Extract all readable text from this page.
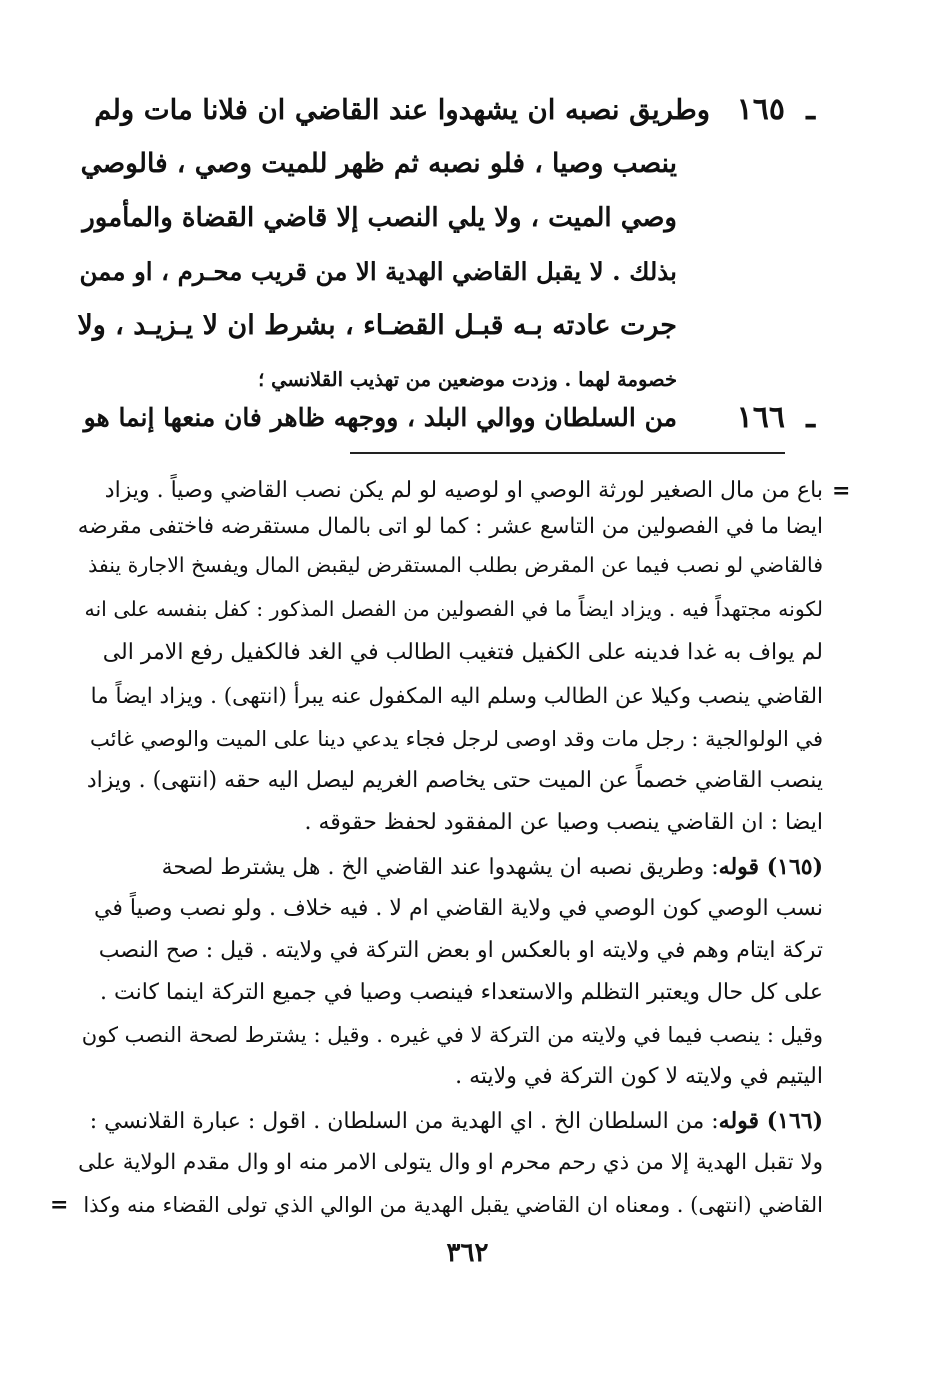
١٦٥ ـ
وطريق نصبه ان يشهدوا عند القاضي ان فلانا مات ولم
ينصب وصيا ، فلو نصبه ثم ظهر للميت وصي ، فالوصي
وصي الميت ، ولا يلي النصب إلا قاضي القضاة والمأمور
بذلك . لا يقبل القاضي الهدية الا من قريب محـرم ، او ممن
جرت عادته بـه قبـل القضـاء ، بشرط ان لا يـزيـد ، ولا
خصومة لهما . وزدت موضعين من تهذيب القلانسي ؛
١٦٦ ـ
من السلطان ووالي البلد ، ووجهه ظاهر فان منعها إنما هو
=
باع من مال الصغير لورثة الوصي او لوصيه لو لم يكن نصب القاضي وصياً . ويزاد
ايضا ما في الفصولين من التاسع عشر : كما لو اتى بالمال مستقرضه فاختفى مقرضه
فالقاضي لو نصب فيما عن المقرض بطلب المستقرض ليقبض المال ويفسخ الاجارة ينفذ
لكونه مجتهداً فيه . ويزاد ايضاً ما في الفصولين من الفصل المذكور : كفل بنفسه على انه
لم يواف به غدا فدينه على الكفيل فتغيب الطالب في الغد فالكفيل رفع الامر الى
القاضي ينصب وكيلا عن الطالب وسلم اليه المكفول عنه يبرأ (انتهى) . ويزاد ايضاً ما
في الولوالجية : رجل مات وقد اوصى لرجل فجاء يدعي دينا على الميت والوصي غائب
ينصب القاضي خصماً عن الميت حتى يخاصم الغريم ليصل اليه حقه (انتهى) . ويزاد
ايضا : ان القاضي ينصب وصيا عن المفقود لحفظ حقوقه .
(١٦٥) قوله: وطريق نصبه ان يشهدوا عند القاضي الخ . هل يشترط لصحة
نسب الوصي كون الوصي في ولاية القاضي ام لا . فيه خلاف . ولو نصب وصياً في
تركة ايتام وهم في ولايته او بالعكس او بعض التركة في ولايته . قيل : صح النصب
على كل حال ويعتبر التظلم والاستعداء فينصب وصيا في جميع التركة اينما كانت .
وقيل : ينصب فيما في ولايته من التركة لا في غيره . وقيل : يشترط لصحة النصب كون
اليتيم في ولايته لا كون التركة في ولايته .
(١٦٦) قوله: من السلطان الخ . اي الهدية من السلطان . اقول : عبارة القلانسي :
ولا تقبل الهدية إلا من ذي رحم محرم او وال يتولى الامر منه او وال مقدم الولاية على
القاضي (انتهى) . ومعناه ان القاضي يقبل الهدية من الوالي الذي تولى القضاء منه وكذا
=
٣٦٢
